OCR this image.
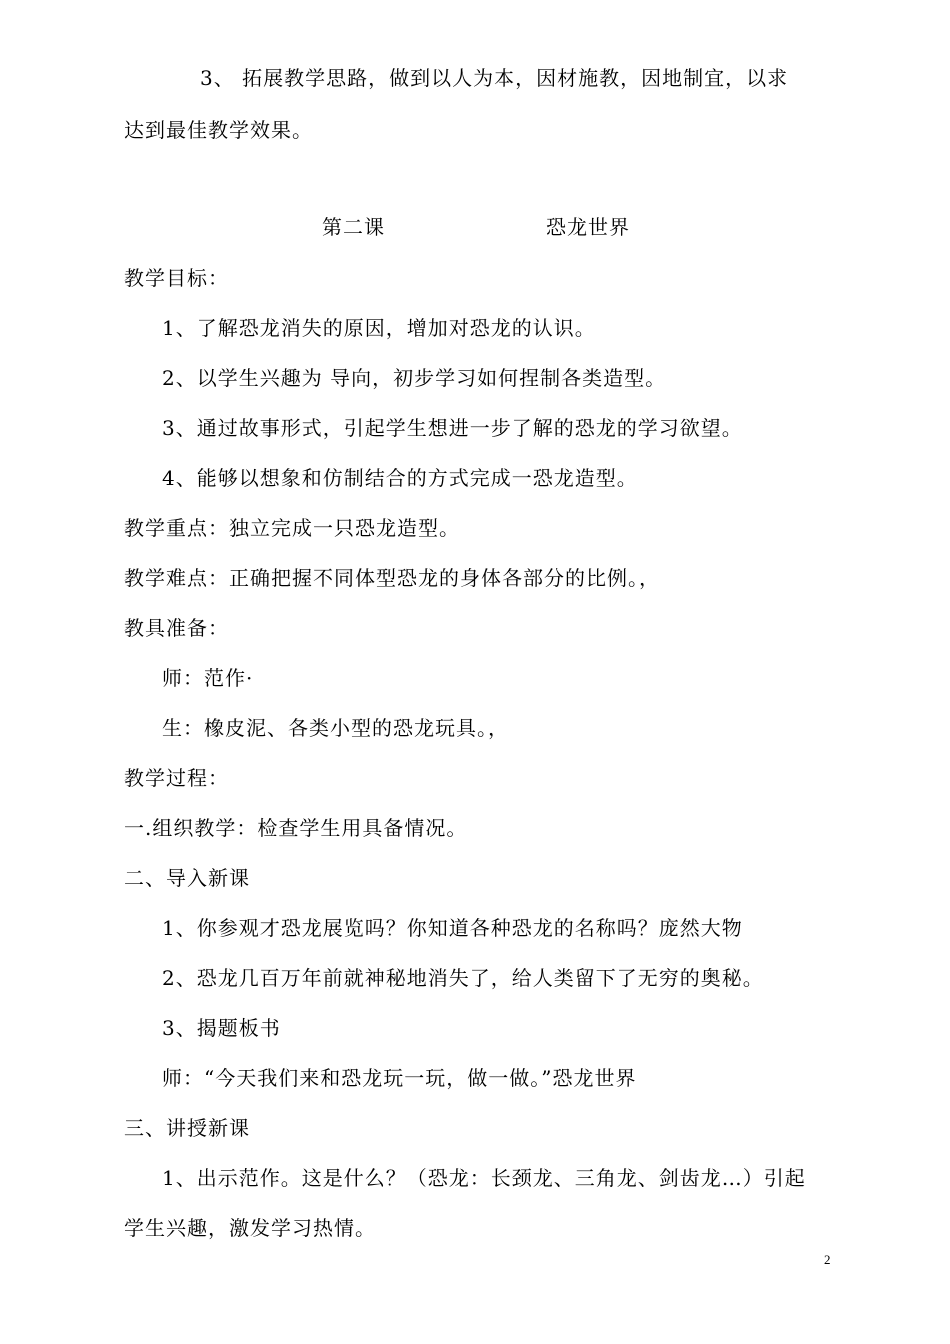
3、 拓展教学思路，做到以人为本，因材施教，因地制宜，以求
达到最佳教学效果。
第二课	恐龙世界
教学目标：
1、了解恐龙消失的原因，增加对恐龙的认识。
2、以学生兴趣为 导向，初步学习如何捏制各类造型。
3、通过故事形式，引起学生想进一步了解的恐龙的学习欲望。
4、能够以想象和仿制结合的方式完成一恐龙造型。
教学重点：独立完成一只恐龙造型。
教学难点：正确把握不同体型恐龙的身体各部分的比例。，
教具准备：
师：范作·
生：橡皮泥、各类小型的恐龙玩具。，
教学过程：
一.组织教学：检查学生用具备情况。
二、导入新课
1、你参观才恐龙展览吗？你知道各种恐龙的名称吗？庞然大物
2、恐龙几百万年前就神秘地消失了，给人类留下了无穷的奥秘。
3、揭题板书
师：“今天我们来和恐龙玩一玩，做一做。”恐龙世界
三、讲授新课
1、出示范作。这是什么？（恐龙：长颈龙、三角龙、剑齿龙…）引起
学生兴趣，激发学习热情。
2
